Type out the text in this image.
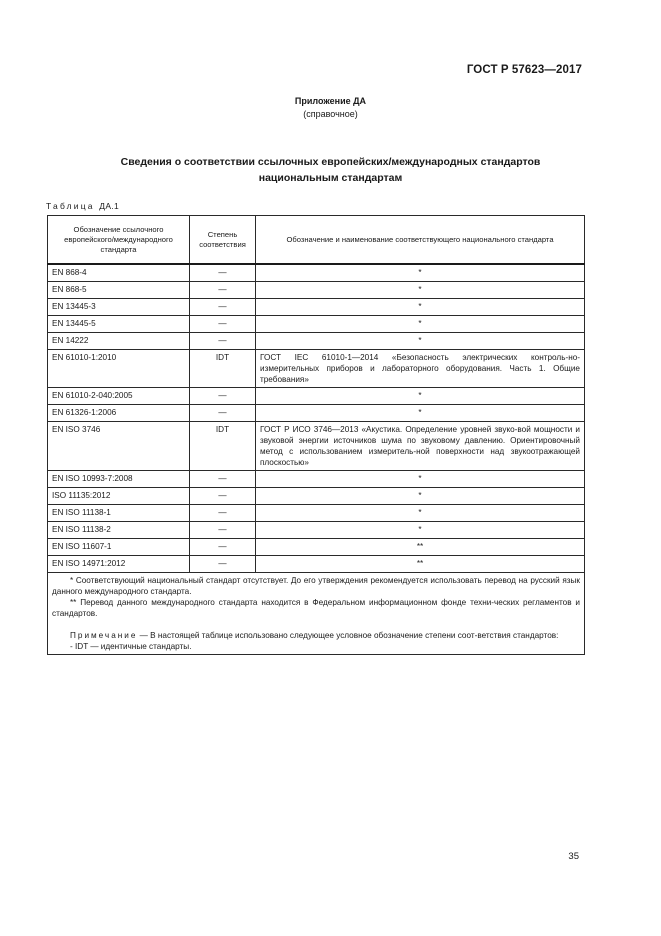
ГОСТ Р 57623—2017
Приложение ДА
(справочное)
Сведения о соответствии ссылочных европейских/международных стандартов
национальным стандартам
Таблица ДА.1
Обозначение ссылочного европейского/международного стандарта	Степень соответствия	Обозначение и наименование соответствующего национального стандарта
EN 868-4	—	*
EN 868-5	—	*
EN 13445-3	—	*
EN 13445-5	—	*
EN 14222	—	*
EN 61010-1:2010	IDT	ГОСТ IEC 61010-1—2014 «Безопасность электрических контроль-но-измерительных приборов и лабораторного оборудования. Часть 1. Общие требования»
EN 61010-2-040:2005	—	*
EN 61326-1:2006	—	*
EN ISO 3746	IDT	ГОСТ Р ИСО 3746—2013 «Акустика. Определение уровней звуко-вой мощности и звуковой энергии источников шума по звуковому давлению. Ориентировочный метод с использованием измеритель-ной поверхности над звукоотражающей плоскостью»
EN ISO 10993-7:2008	—	*
ISO 11135:2012	—	*
EN ISO 11138-1	—	*
EN ISO 11138-2	—	*
EN ISO 11607-1	—	**
EN ISO 14971:2012	—	**

* Соответствующий национальный стандарт отсутствует. До его утверждения рекомендуется использовать перевод на русский язык данного международного стандарта.

** Перевод данного международного стандарта находится в Федеральном информационном фонде техни-ческих регламентов и стандартов.

Примечание — В настоящей таблице использовано следующее условное обозначение степени соот-ветствия стандартов:

- IDT — идентичные стандарты.		

35
